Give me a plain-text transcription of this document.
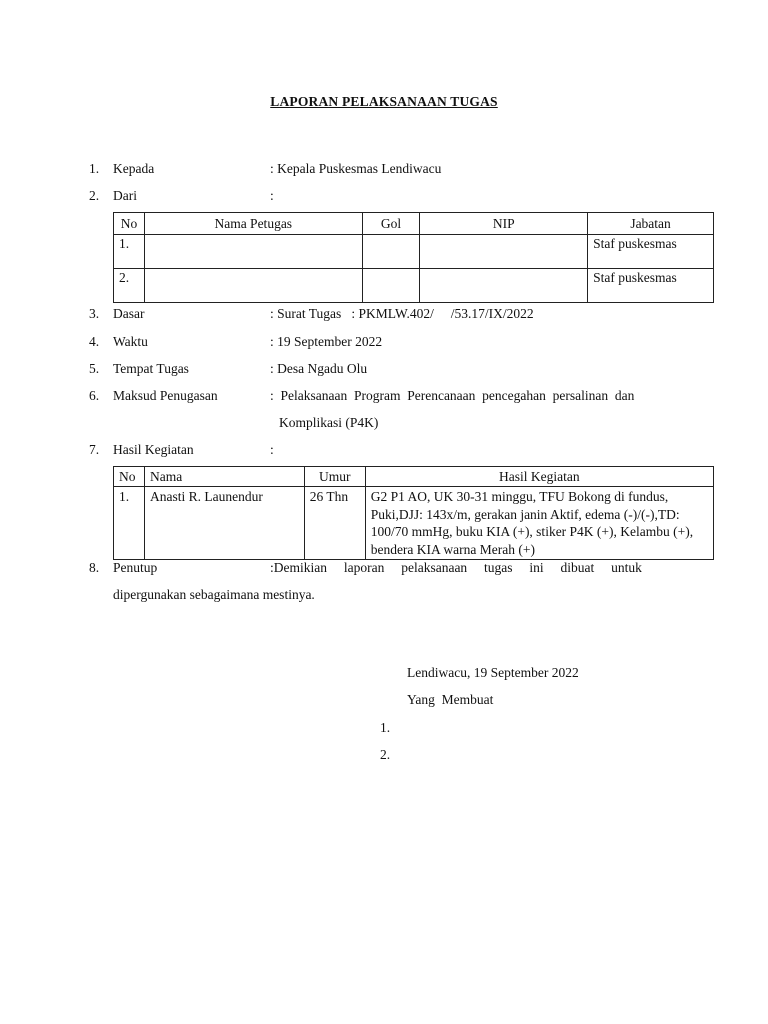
LAPORAN PELAKSANAAN TUGAS
1. Kepada	: Kepala Puskesmas Lendiwacu
2. Dari	:
No	Nama Petugas	Gol	NIP	Jabatan
1.				Staf puskesmas
2.				Staf puskesmas
3. Dasar	: Surat Tugas   : PKMLW.402/     /53.17/IX/2022
4. Waktu	: 19 September 2022
5. Tempat Tugas	: Desa Ngadu Olu
6. Maksud Penugasan	:  Pelaksanaan  Program  Perencanaan  pencegahan  persalinan  dan
Komplikasi (P4K)
7. Hasil Kegiatan	:
No	Nama	Umur	Hasil Kegiatan
1.	Anasti R. Launendur	26 Thn	G2 P1 AO, UK 30-31 minggu, TFU Bokong di fundus, Puki,DJJ: 143x/m, gerakan janin Aktif, edema (-)/(-),TD: 100/70 mmHg, buku KIA (+), stiker P4K (+), Kelambu (+), bendera KIA warna Merah (+)
8. Penutup	:Demikian     laporan     pelaksanaan     tugas     ini     dibuat     untuk
dipergunakan sebagaimana mestinya.
Lendiwacu, 19 September 2022
Yang  Membuat
1.
2.
